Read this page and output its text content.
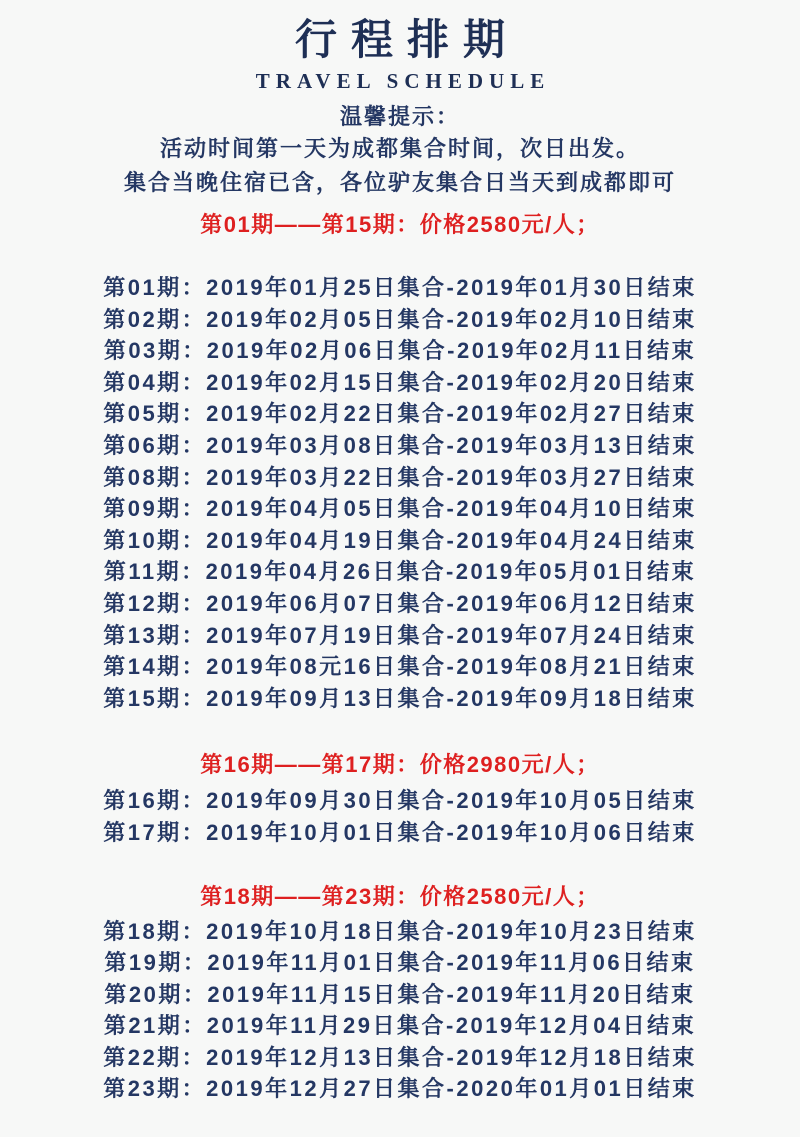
行程排期
TRAVEL SCHEDULE
温馨提示：
活动时间第一天为成都集合时间，次日出发。
集合当晚住宿已含，各位驴友集合日当天到成都即可
第01期——第15期：价格2580元/人；
第01期：2019年01月25日集合-2019年01月30日结束
第02期：2019年02月05日集合-2019年02月10日结束
第03期：2019年02月06日集合-2019年02月11日结束
第04期：2019年02月15日集合-2019年02月20日结束
第05期：2019年02月22日集合-2019年02月27日结束
第06期：2019年03月08日集合-2019年03月13日结束
第08期：2019年03月22日集合-2019年03月27日结束
第09期：2019年04月05日集合-2019年04月10日结束
第10期：2019年04月19日集合-2019年04月24日结束
第11期：2019年04月26日集合-2019年05月01日结束
第12期：2019年06月07日集合-2019年06月12日结束
第13期：2019年07月19日集合-2019年07月24日结束
第14期：2019年08元16日集合-2019年08月21日结束
第15期：2019年09月13日集合-2019年09月18日结束
第16期——第17期：价格2980元/人；
第16期：2019年09月30日集合-2019年10月05日结束
第17期：2019年10月01日集合-2019年10月06日结束
第18期——第23期：价格2580元/人；
第18期：2019年10月18日集合-2019年10月23日结束
第19期：2019年11月01日集合-2019年11月06日结束
第20期：2019年11月15日集合-2019年11月20日结束
第21期：2019年11月29日集合-2019年12月04日结束
第22期：2019年12月13日集合-2019年12月18日结束
第23期：2019年12月27日集合-2020年01月01日结束
